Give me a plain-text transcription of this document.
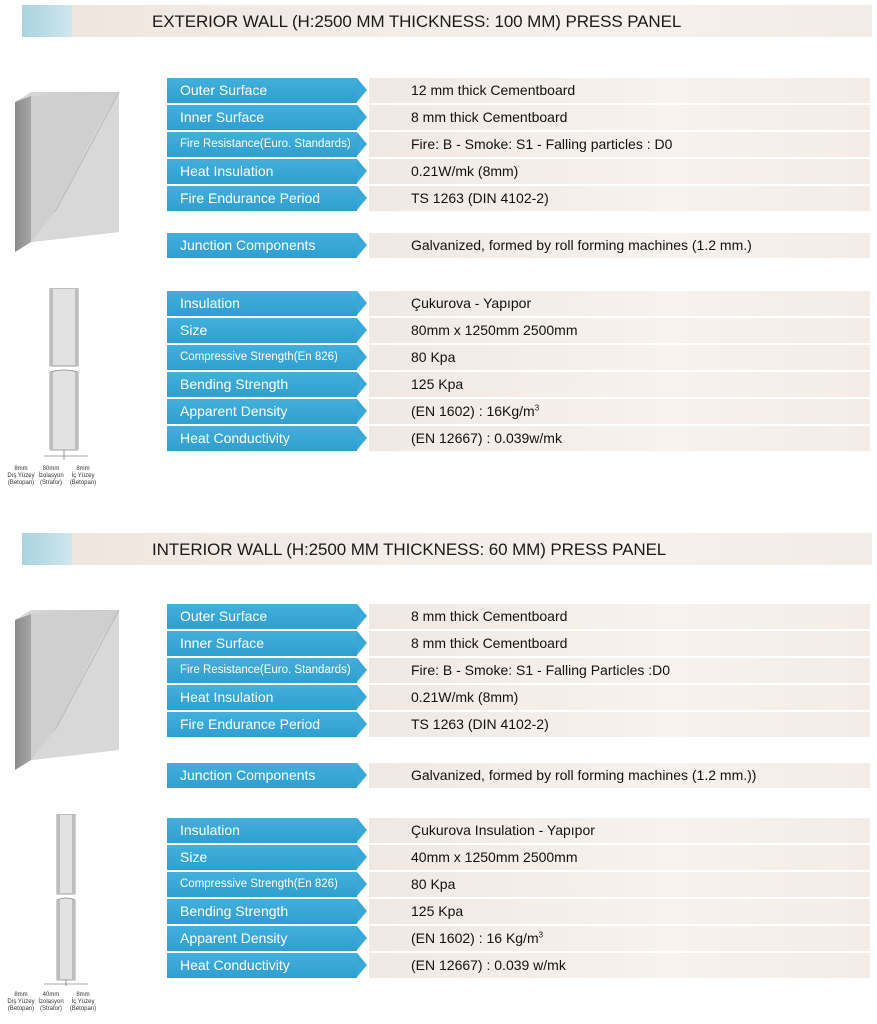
EXTERIOR WALL (H:2500 MM THICKNESS: 100 MM) PRESS PANEL
Outer Surface	12 mm thick Cementboard
Inner Surface	8 mm thick Cementboard
Fire Resistance(Euro. Standards)	Fire: B - Smoke: S1 - Falling particles : D0
Heat Insulation	0.21W/mk (8mm)
Fire Endurance Period	TS 1263 (DIN 4102-2)
Junction Components	Galvanized, formed by roll forming machines (1.2 mm.)
Insulation	Çukurova - Yapıpor
Size	80mm x 1250mm 2500mm
Compressive Strength(En 826)	80 Kpa
Bending Strength	125 Kpa
Apparent Density	(EN 1602) : $16Kg/m^3$
Heat Conductivity	(EN 12667) : 0.039w/mk
8mm
Dış Yüzey
(Betopan)
80mm
İzolasyon
(Strafor)
8mm
İç Yüzey
(Betopan)
INTERIOR WALL (H:2500 MM THICKNESS: 60 MM) PRESS PANEL
Outer Surface	8 mm thick Cementboard
Inner Surface	8 mm thick Cementboard
Fire Resistance(Euro. Standards)	Fire: B - Smoke: S1 - Falling Particles :D0
Heat Insulation	0.21W/mk (8mm)
Fire Endurance Period	TS 1263 (DIN 4102-2)
Junction Components	Galvanized, formed by roll forming machines (1.2 mm.))
Insulation	Çukurova Insulation - Yapıpor
Size	40mm x 1250mm 2500mm
Compressive Strength(En 826)	80 Kpa
Bending Strength	125 Kpa
Apparent Density	(EN 1602) : 16 $Kg/m^3$
Heat Conductivity	(EN 12667) : 0.039 w/mk
8mm
Dış Yüzey
(Betopan)
40mm
İzolasyon
(Strafor)
8mm
İç Yüzey
(Betopan)
